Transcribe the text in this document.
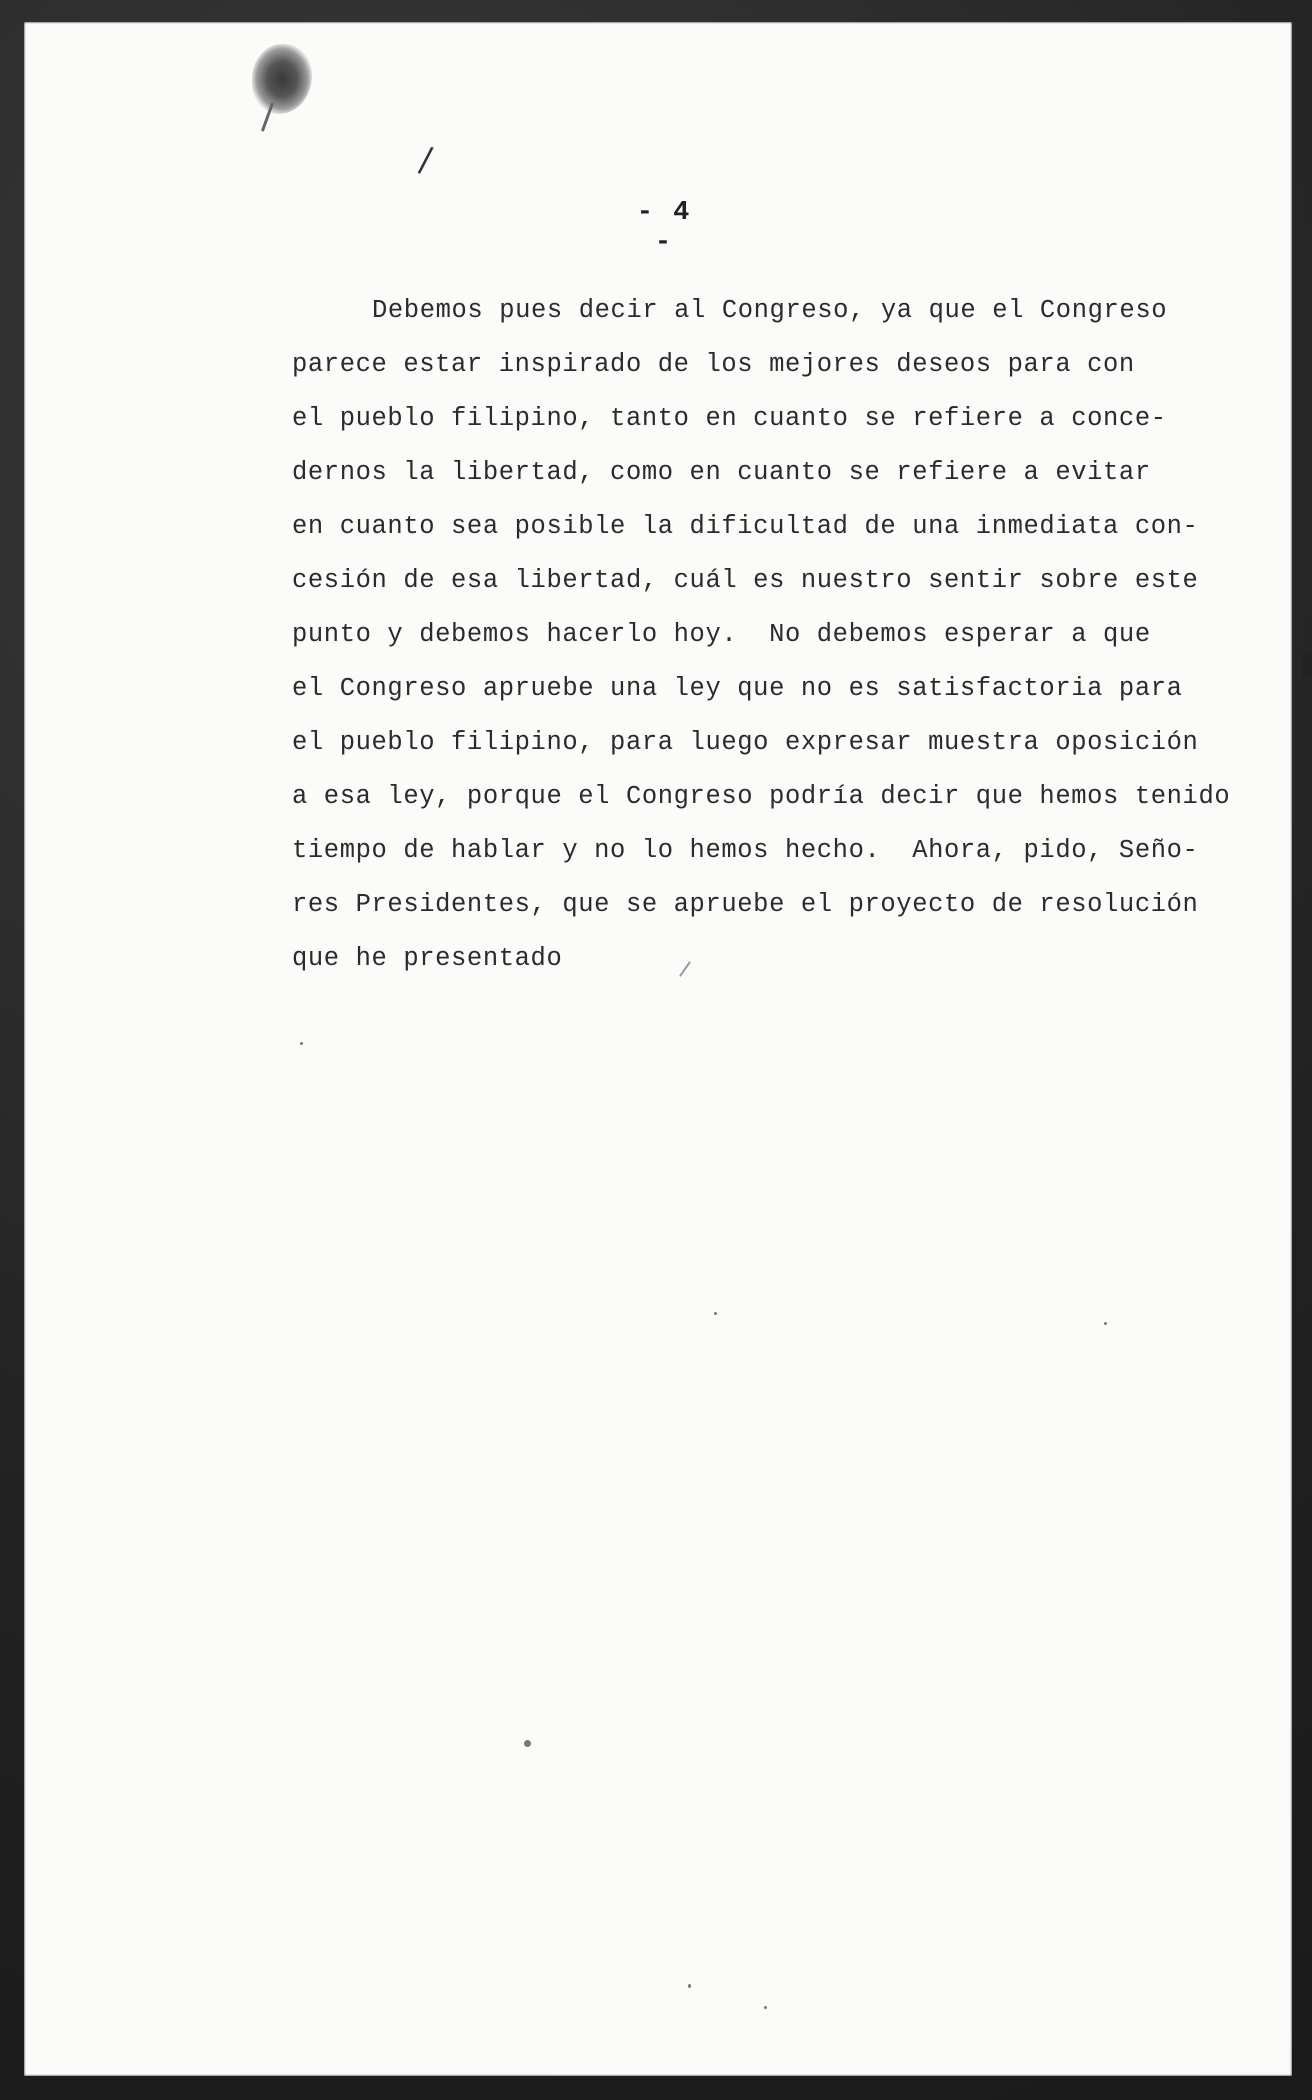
/
- 4 -
Debemos pues decir al Congreso, ya que el Congreso
parece estar inspirado de los mejores deseos para con
el pueblo filipino, tanto en cuanto se refiere a conce-
dernos la libertad, como en cuanto se refiere a evitar
en cuanto sea posible la dificultad de una inmediata con-
cesión de esa libertad, cuál es nuestro sentir sobre este
punto y debemos hacerlo hoy.  No debemos esperar a que
el Congreso apruebe una ley que no es satisfactoria para
el pueblo filipino, para luego expresar muestra oposición
a esa ley, porque el Congreso podría decir que hemos tenido
tiempo de hablar y no lo hemos hecho.  Ahora, pido, Seño-
res Presidentes, que se apruebe el proyecto de resolución
que he presentado
